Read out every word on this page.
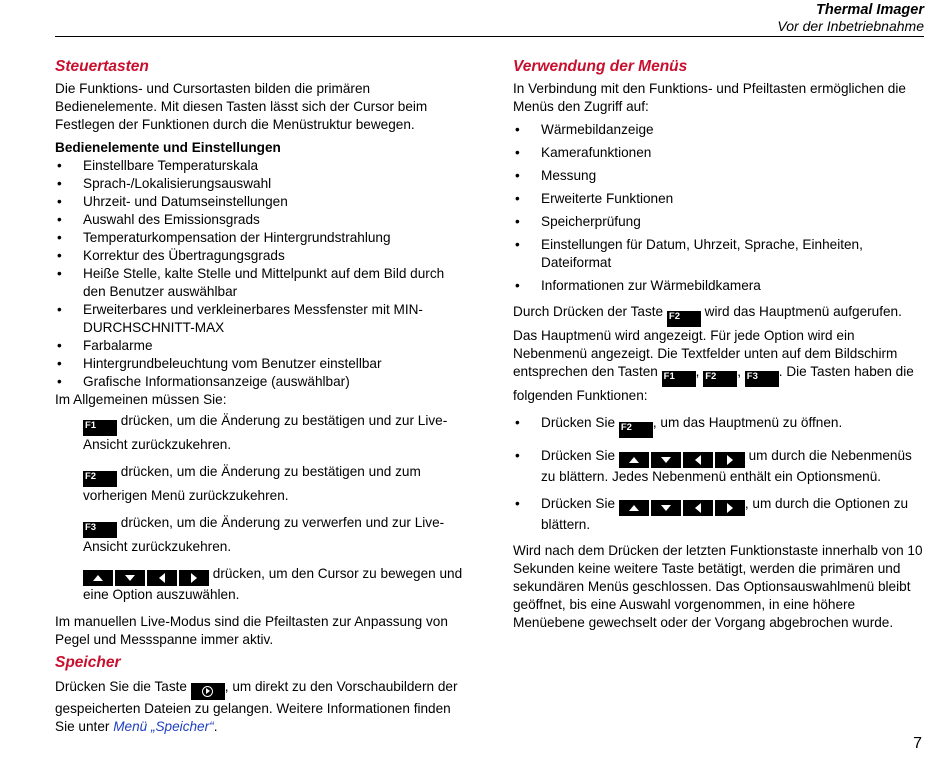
Thermal Imager
Vor der Inbetriebnahme
Steuertasten

Die Funktions- und Cursortasten bilden die primären Bedienelemente. Mit diesen Tasten lässt sich der Cursor beim Festlegen der Funktionen durch die Menüstruktur bewegen.

Bedienelemente und Einstellungen

• Einstellbare Temperaturskala
• Sprach-/Lokalisierungsauswahl
• Uhrzeit- und Datumseinstellungen
• Auswahl des Emissionsgrads
• Temperaturkompensation der Hintergrundstrahlung
• Korrektur des Übertragungsgrads
• Heiße Stelle, kalte Stelle und Mittelpunkt auf dem Bild durch den Benutzer auswählbar
• Erweiterbares und verkleinerbares Messfenster mit MIN-DURCHSCHNITT-MAX
• Farbalarme
• Hintergrundbeleuchtung vom Benutzer einstellbar
• Grafische Informationsanzeige (auswählbar)

Im Allgemeinen müssen Sie:

F1 drücken, um die Änderung zu bestätigen und zur Live-Ansicht zurückzukehren.

F2 drücken, um die Änderung zu bestätigen und zum vorherigen Menü zurückzukehren.

F3 drücken, um die Änderung zu verwerfen und zur Live-Ansicht zurückzukehren.

drücken, um den Cursor zu bewegen und eine Option auszuwählen.

Im manuellen Live-Modus sind die Pfeiltasten zur Anpassung von Pegel und Messspanne immer aktiv.

Speicher

Drücken Sie die Taste	, um direkt zu den Vorschaubildern der gespeicherten Dateien zu gelangen. Weitere Informationen finden Sie unter Menü „Speicher“.

Verwendung der Menüs

In Verbindung mit den Funktions- und Pfeiltasten ermöglichen die Menüs den Zugriff auf:

• Wärmebildanzeige
• Kamerafunktionen
• Messung
• Erweiterte Funktionen
• Speicherprüfung
• Einstellungen für Datum, Uhrzeit, Sprache, Einheiten, Dateiformat
• Informationen zur Wärmebildkamera

Durch Drücken der Taste F2 wird das Hauptmenü aufgerufen. Das Hauptmenü wird angezeigt. Für jede Option wird ein Nebenmenü angezeigt. Die Textfelder unten auf dem Bildschirm entsprechen den Tasten F1 , F2 , F3 . Die Tasten haben die folgenden Funktionen:

• Drücken Sie F2 , um das Hauptmenü zu öffnen.
• Drücken Sie	um durch die Nebenmenüs zu blättern. Jedes Nebenmenü enthält ein Optionsmenü.
• Drücken Sie	, um durch die Optionen zu blättern.

Wird nach dem Drücken der letzten Funktionstaste innerhalb von 10 Sekunden keine weitere Taste betätigt, werden die primären und sekundären Menüs geschlossen. Das Optionsauswahlmenü bleibt geöffnet, bis eine Auswahl vorgenommen, in eine höhere Menüebene gewechselt oder der Vorgang abgebrochen wurde.

7
